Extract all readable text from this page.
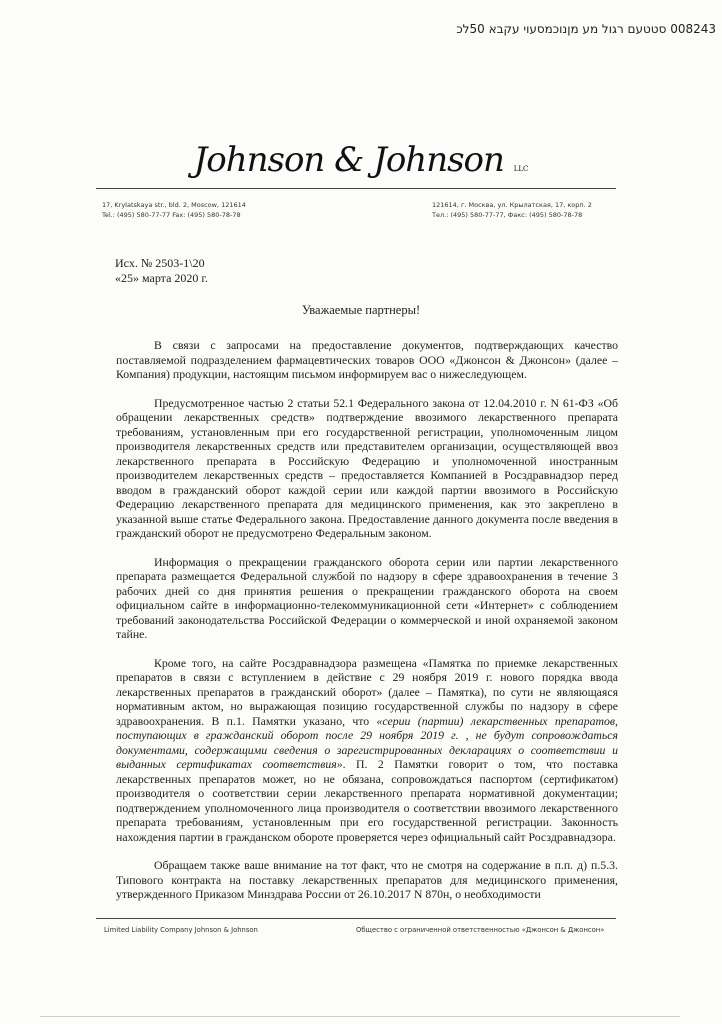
סטטעם רגול מע מןנוכמסעוי עקבא 50לכ 008243
Johnson & Johnson LLC
17, Krylatskaya str., bld. 2, Moscow, 121614
Tel.: (495) 580-77-77 Fax: (495) 580-78-78
121614, г. Москва, ул. Крылатская, 17, корп. 2
Тел.: (495) 580-77-77, Факс: (495) 580-78-78
Исх. № 2503-1\20
«25» марта 2020 г.
Уважаемые партнеры!

В связи с запросами на предоставление документов, подтверждающих качество поставляемой подразделением фармацевтических товаров ООО «Джонсон & Джонсон» (далее – Компания) продукции, настоящим письмом информируем вас о нижеследующем.

Предусмотренное частью 2 статьи 52.1 Федерального закона от 12.04.2010 г. N 61-ФЗ «Об обращении лекарственных средств» подтверждение ввозимого лекарственного препарата требованиям, установленным при его государственной регистрации, уполномоченным лицом производителя лекарственных средств или представителем организации, осуществляющей ввоз лекарственного препарата в Российскую Федерацию и уполномоченной иностранным производителем лекарственных средств – предоставляется Компанией в Росздравнадзор перед вводом в гражданский оборот каждой серии или каждой партии ввозимого в Российскую Федерацию лекарственного препарата для медицинского применения, как это закреплено в указанной выше статье Федерального закона. Предоставление данного документа после введения в гражданский оборот не предусмотрено Федеральным законом.

Информация о прекращении гражданского оборота серии или партии лекарственного препарата размещается Федеральной службой по надзору в сфере здравоохранения в течение 3 рабочих дней со дня принятия решения о прекращении гражданского оборота на своем официальном сайте в информационно-телекоммуникационной сети «Интернет» с соблюдением требований законодательства Российской Федерации о коммерческой и иной охраняемой законом тайне.

Кроме того, на сайте Росздравнадзора размещена «Памятка по приемке лекарственных препаратов в связи с вступлением в действие с 29 ноября 2019 г. нового порядка ввода лекарственных препаратов в гражданский оборот» (далее – Памятка), по сути не являющаяся нормативным актом, но выражающая позицию государственной службы по надзору в сфере здравоохранения. В п.1. Памятки указано, что «серии (партии) лекарственных препаратов, поступающих в гражданский оборот после 29 ноября 2019 г. , не будут сопровождаться документами, содержащими сведения о зарегистрированных декларациях о соответствии и выданных сертификатах соответствия». П. 2 Памятки говорит о том, что поставка лекарственных препаратов может, но не обязана, сопровождаться паспортом (сертификатом) производителя о соответствии серии лекарственного препарата нормативной документации; подтверждением уполномоченного лица производителя о соответствии ввозимого лекарственного препарата требованиям, установленным при его государственной регистрации. Законность нахождения партии в гражданском обороте проверяется через официальный сайт Росздравнадзора.

Обращаем также ваше внимание на тот факт, что не смотря на содержание в п.п. д) п.5.3. Типового контракта на поставку лекарственных препаратов для медицинского применения, утвержденного Приказом Минздрава России от 26.10.2017 N 870н, о необходимости

Limited Liability Company Johnson & Johnson	Общество с ограниченной ответственностью «Джонсон & Джонсон»
